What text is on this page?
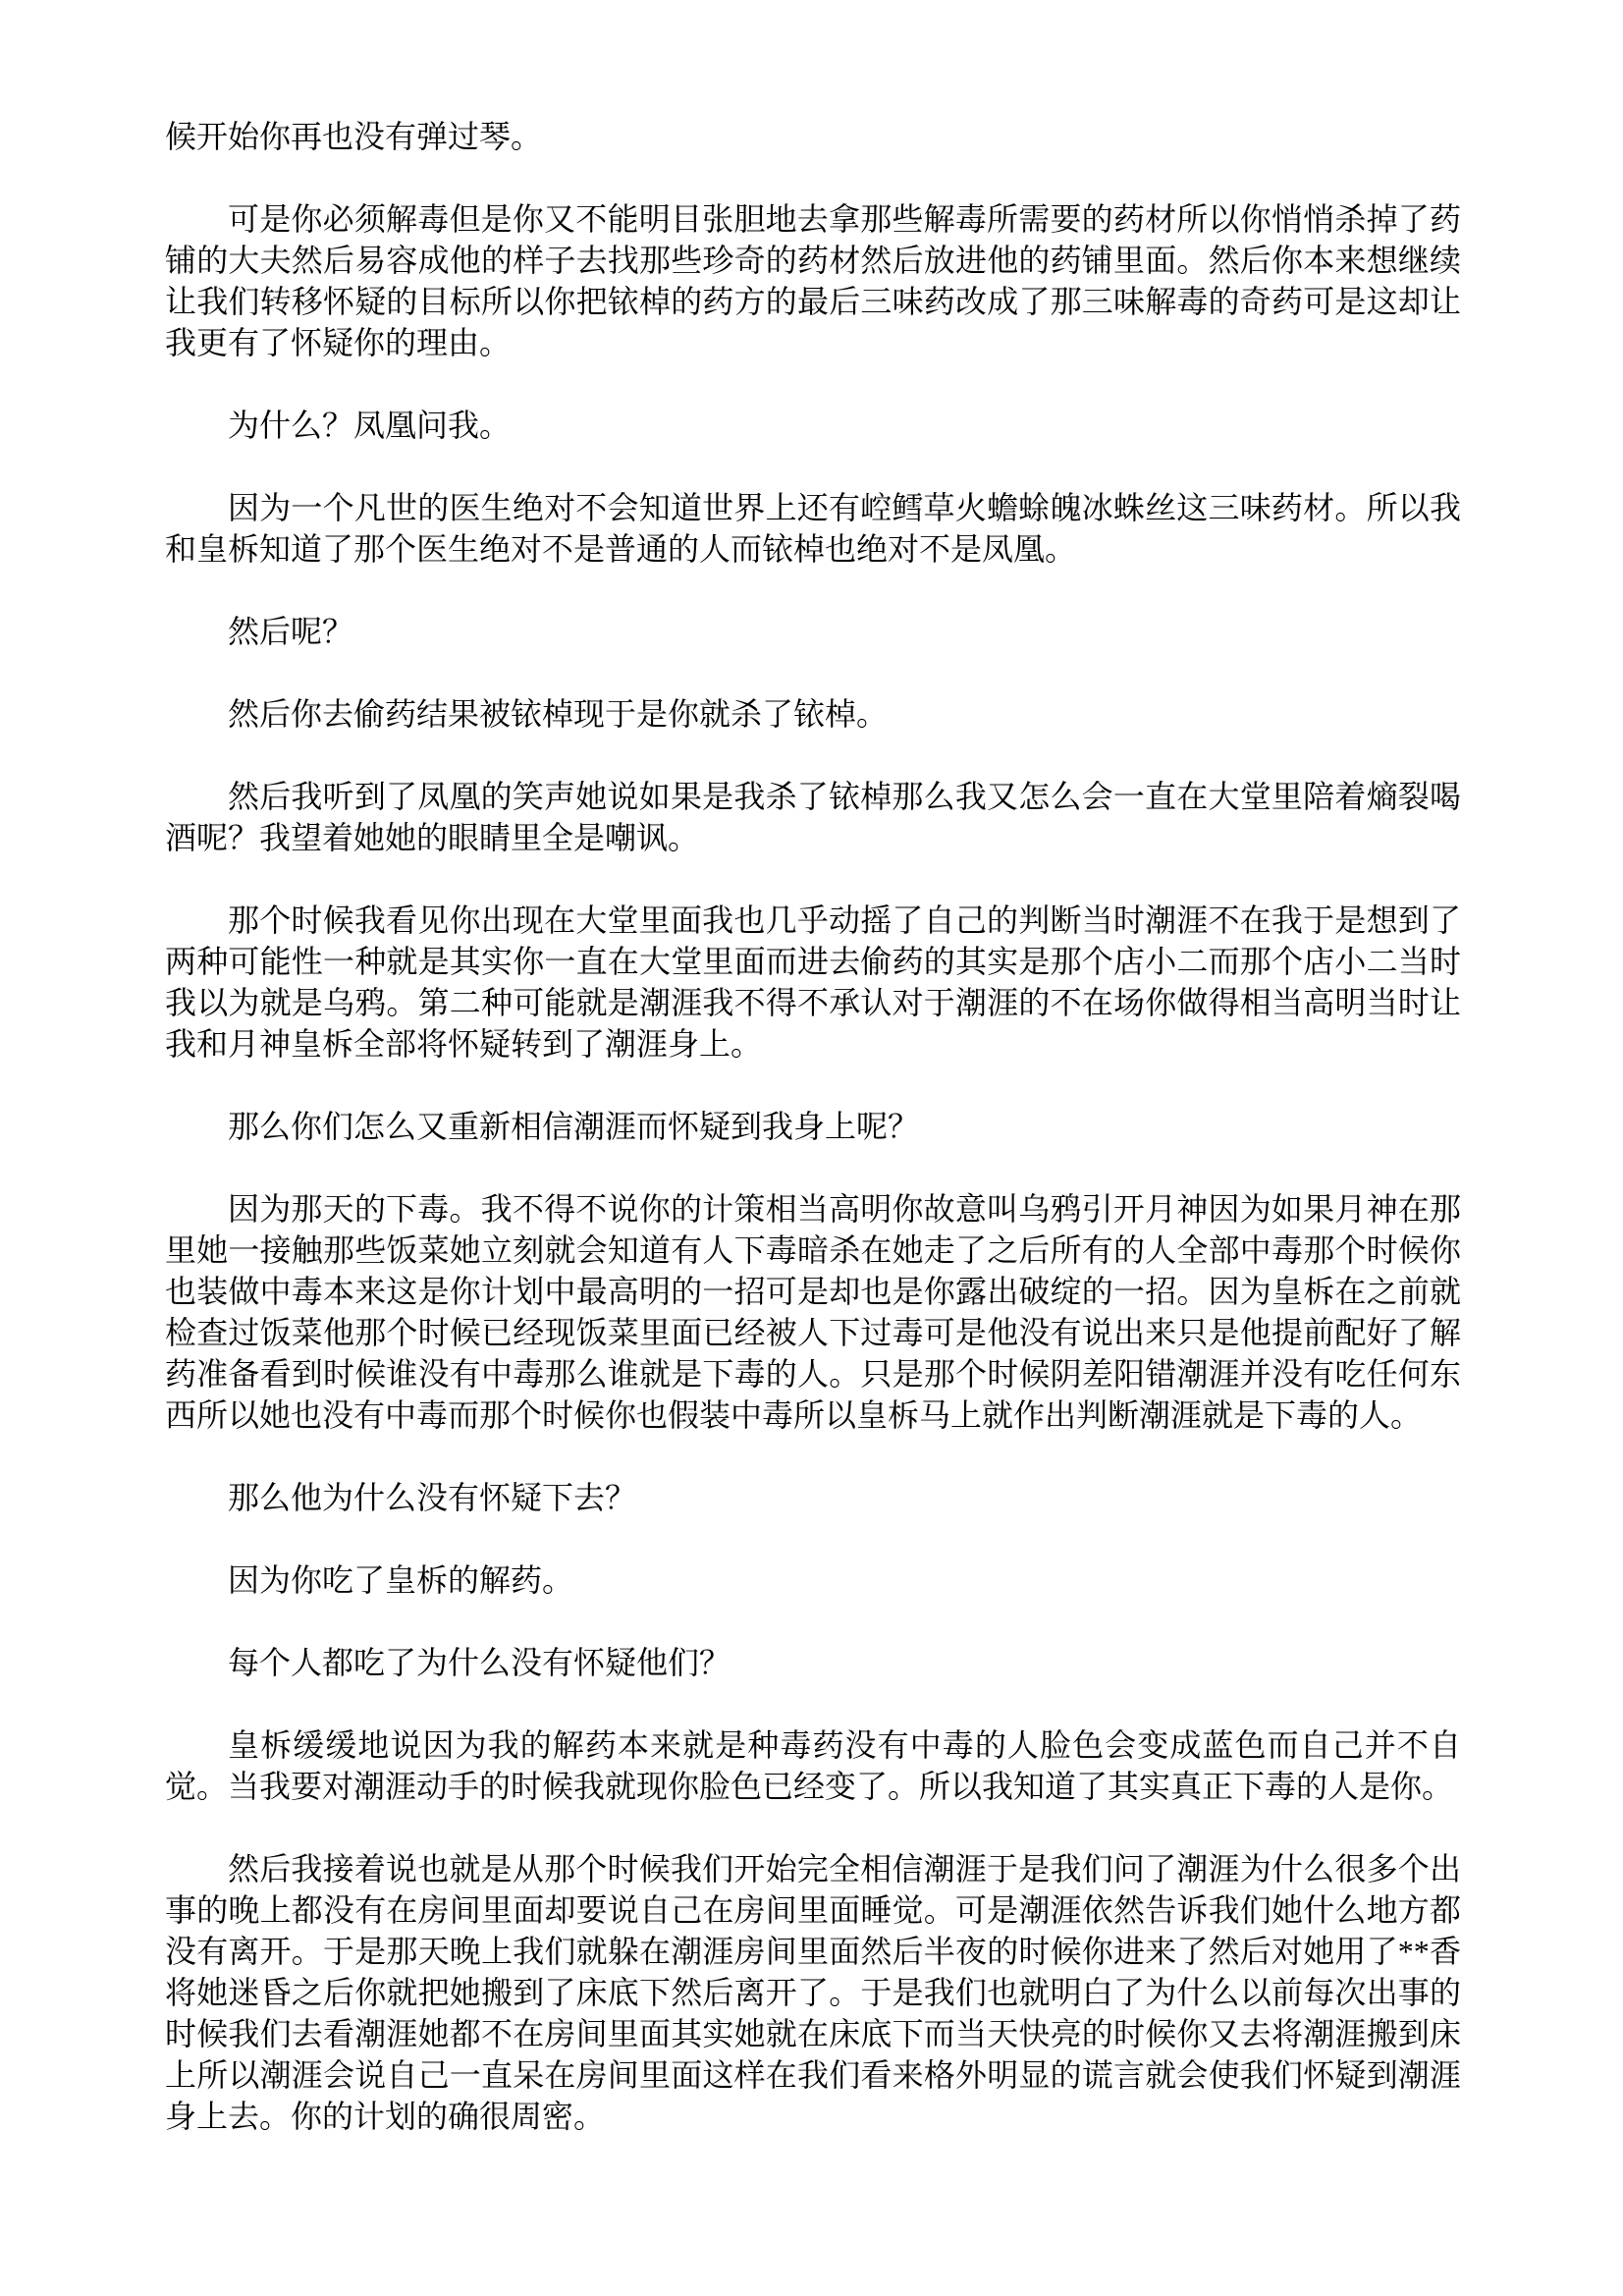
候开始你再也没有弹过琴。

可是你必须解毒但是你又不能明目张胆地去拿那些解毒所需要的药材所以你悄悄杀掉了药铺的大夫然后易容成他的样子去找那些珍奇的药材然后放进他的药铺里面。然后你本来想继续让我们转移怀疑的目标所以你把铱棹的药方的最后三味药改成了那三味解毒的奇药可是这却让我更有了怀疑你的理由。

为什么？凤凰问我。

因为一个凡世的医生绝对不会知道世界上还有崆鳕草火蟾蜍魄冰蛛丝这三味药材。所以我和皇柝知道了那个医生绝对不是普通的人而铱棹也绝对不是凤凰。

然后呢？

然后你去偷药结果被铱棹现于是你就杀了铱棹。

然后我听到了凤凰的笑声她说如果是我杀了铱棹那么我又怎么会一直在大堂里陪着熵裂喝酒呢？我望着她她的眼睛里全是嘲讽。

那个时候我看见你出现在大堂里面我也几乎动摇了自己的判断当时潮涯不在我于是想到了两种可能性一种就是其实你一直在大堂里面而进去偷药的其实是那个店小二而那个店小二当时我以为就是乌鸦。第二种可能就是潮涯我不得不承认对于潮涯的不在场你做得相当高明当时让我和月神皇柝全部将怀疑转到了潮涯身上。

那么你们怎么又重新相信潮涯而怀疑到我身上呢？

因为那天的下毒。我不得不说你的计策相当高明你故意叫乌鸦引开月神因为如果月神在那里她一接触那些饭菜她立刻就会知道有人下毒暗杀在她走了之后所有的人全部中毒那个时候你也装做中毒本来这是你计划中最高明的一招可是却也是你露出破绽的一招。因为皇柝在之前就检查过饭菜他那个时候已经现饭菜里面已经被人下过毒可是他没有说出来只是他提前配好了解药准备看到时候谁没有中毒那么谁就是下毒的人。只是那个时候阴差阳错潮涯并没有吃任何东西所以她也没有中毒而那个时候你也假装中毒所以皇柝马上就作出判断潮涯就是下毒的人。

那么他为什么没有怀疑下去？

因为你吃了皇柝的解药。

每个人都吃了为什么没有怀疑他们？

皇柝缓缓地说因为我的解药本来就是种毒药没有中毒的人脸色会变成蓝色而自己并不自觉。当我要对潮涯动手的时候我就现你脸色已经变了。所以我知道了其实真正下毒的人是你。

然后我接着说也就是从那个时候我们开始完全相信潮涯于是我们问了潮涯为什么很多个出事的晚上都没有在房间里面却要说自己在房间里面睡觉。可是潮涯依然告诉我们她什么地方都没有离开。于是那天晚上我们就躲在潮涯房间里面然后半夜的时候你进来了然后对她用了**香将她迷昏之后你就把她搬到了床底下然后离开了。于是我们也就明白了为什么以前每次出事的时候我们去看潮涯她都不在房间里面其实她就在床底下而当天快亮的时候你又去将潮涯搬到床上所以潮涯会说自己一直呆在房间里面这样在我们看来格外明显的谎言就会使我们怀疑到潮涯身上去。你的计划的确很周密。
